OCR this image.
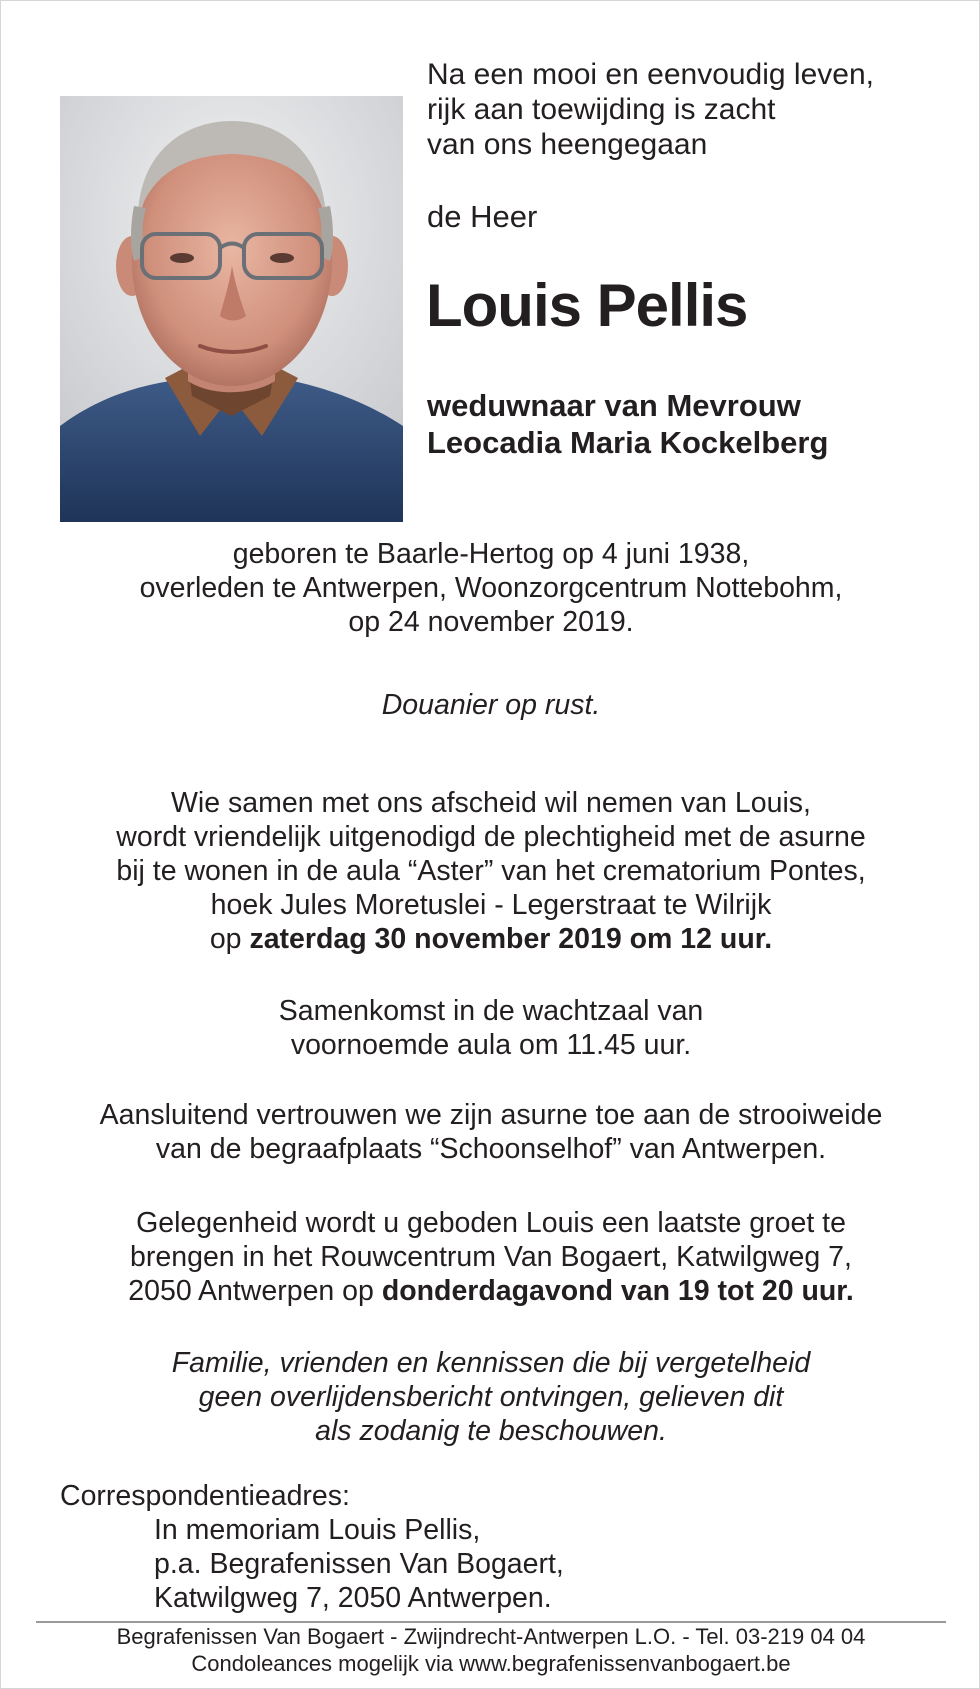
Na een mooi en eenvoudig leven,

rijk aan toewijding is zacht

van ons heengegaan

de Heer
Louis Pellis

weduwnaar van Mevrouw

Leocadia Maria Kockelberg

geboren te Baarle-Hertog op 4 juni 1938,

overleden te Antwerpen, Woonzorgcentrum Nottebohm,

op 24 november 2019.

Douanier op rust.

Wie samen met ons afscheid wil nemen van Louis,

wordt vriendelijk uitgenodigd de plechtigheid met de asurne

bij te wonen in de aula “Aster” van het crematorium Pontes,

hoek Jules Moretuslei - Legerstraat te Wilrijk

op zaterdag 30 november 2019 om 12 uur.

Samenkomst in de wachtzaal van

voornoemde aula om 11.45 uur.

Aansluitend vertrouwen we zijn asurne toe aan de strooiweide

van de begraafplaats “Schoonselhof” van Antwerpen.

Gelegenheid wordt u geboden Louis een laatste groet te

brengen in het Rouwcentrum Van Bogaert, Katwilgweg 7,

2050 Antwerpen op donderdagavond van 19 tot 20 uur.

Familie, vrienden en kennissen die bij vergetelheid

geen overlijdensbericht ontvingen, gelieven dit

als zodanig te beschouwen.

Correspondentieadres:

In memoriam Louis Pellis,

p.a. Begrafenissen Van Bogaert,

Katwilgweg 7, 2050 Antwerpen.

Begrafenissen Van Bogaert - Zwijndrecht-Antwerpen L.O. - Tel. 03-219 04 04

Condoleances mogelijk via www.begrafenissenvanbogaert.be
